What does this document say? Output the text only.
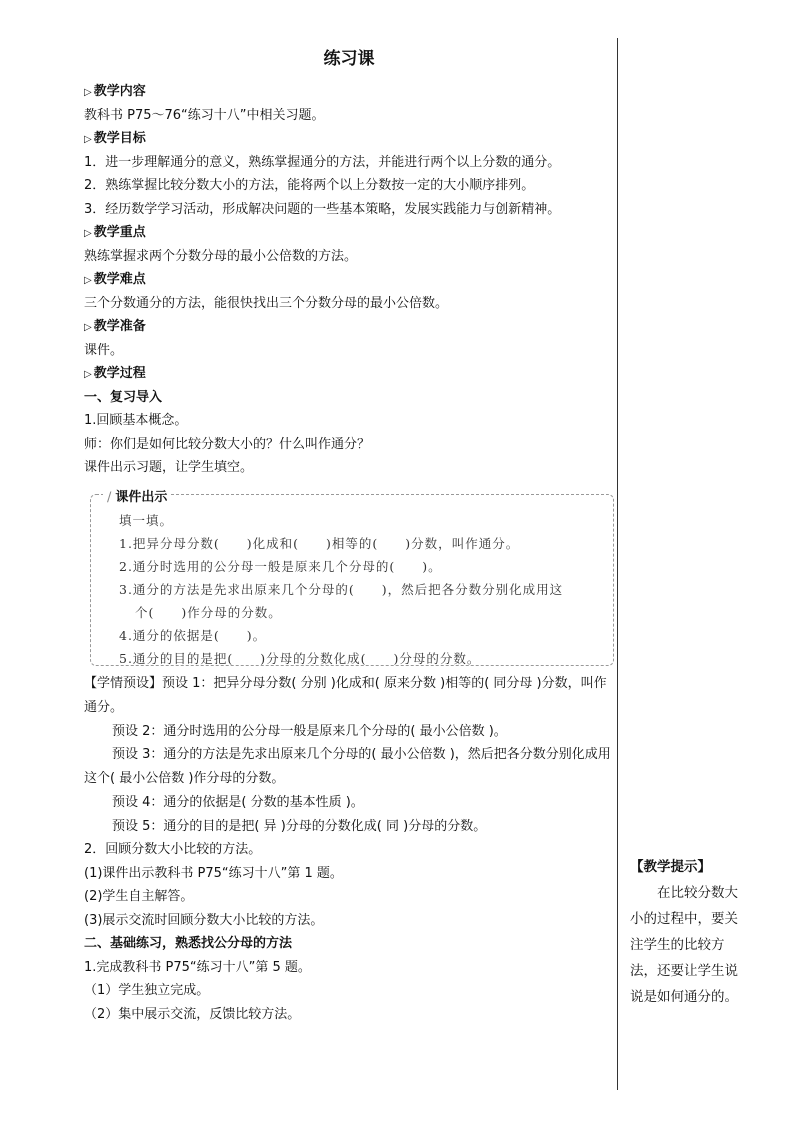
练习课
▷ 教学内容
教科书 P75～76“练习十八”中相关习题。
▷ 教学目标
1．进一步理解通分的意义，熟练掌握通分的方法，并能进行两个以上分数的通分。
2．熟练掌握比较分数大小的方法，能将两个以上分数按一定的大小顺序排列。
3．经历数学学习活动，形成解决问题的一些基本策略，发展实践能力与创新精神。
▷ 教学重点
熟练掌握求两个分数分母的最小公倍数的方法。
▷ 教学难点
三个分数通分的方法，能很快找出三个分数分母的最小公倍数。
▷ 教学准备
课件。
▷ 教学过程
一、复习导入
1.回顾基本概念。
师：你们是如何比较分数大小的？什么叫作通分？
课件出示习题，让学生填空。
∕ 课件出示
填一填。
1.把异分母分数(　　)化成和(　　)相等的(　　)分数，叫作通分。
2.通分时选用的公分母一般是原来几个分母的(　　)。
3.通分的方法是先求出原来几个分母的(　　)，然后把各分数分别化成用这
个(　　)作分母的分数。
4.通分的依据是(　　)。
5.通分的目的是把(　　)分母的分数化成(　　)分母的分数。
【学情预设】预设 1：把异分母分数( 分别 )化成和( 原来分数 )相等的( 同分母 )分数，叫作通分。
预设 2：通分时选用的公分母一般是原来几个分母的( 最小公倍数 )。
预设 3：通分的方法是先求出原来几个分母的( 最小公倍数 )，然后把各分数分别化成用这个( 最小公倍数 )作分母的分数。
预设 4：通分的依据是( 分数的基本性质 )。
预设 5：通分的目的是把( 异 )分母的分数化成( 同 )分母的分数。
2．回顾分数大小比较的方法。
(1)课件出示教科书 P75“练习十八”第 1 题。
(2)学生自主解答。
(3)展示交流时回顾分数大小比较的方法。
二、基础练习，熟悉找公分母的方法
1.完成教科书 P75“练习十八”第 5 题。
（1）学生独立完成。
（2）集中展示交流，反馈比较方法。
【教学提示】

在比较分数大小的过程中，要关注学生的比较方法，还要让学生说说是如何通分的。
